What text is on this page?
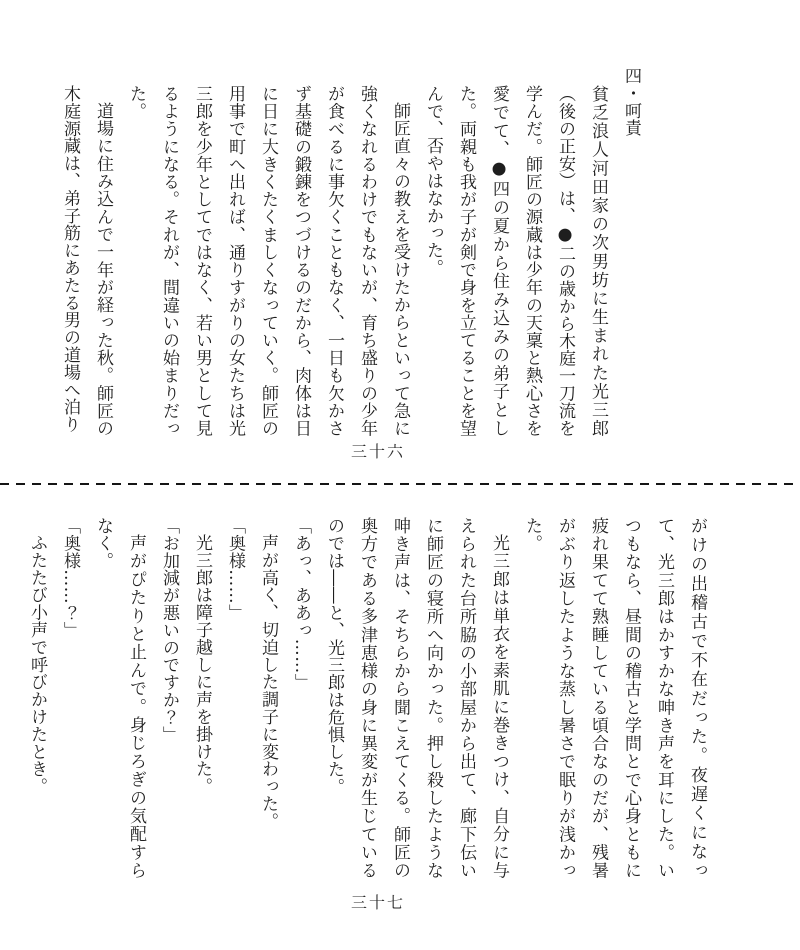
四・呵責

貧乏浪人河田家の次男坊に生まれた光三郎（後の正安）は、●二の歳から木庭一刀流を学んだ。師匠の源蔵は少年の天稟と熱心さを愛でて、●四の夏から住み込みの弟子とした。両親も我が子が剣で身を立てることを望んで、否やはなかった。

師匠直々の教えを受けたからといって急に強くなれるわけでもないが、育ち盛りの少年が食べるに事欠くこともなく、一日も欠かさず基礎の鍛錬をつづけるのだから、肉体は日に日に大きくたくましくなっていく。師匠の用事で町へ出れば、通りすがりの女たちは光三郎を少年としてではなく、若い男として見るようになる。それが、間違いの始まりだった。

道場に住み込んで一年が経った秋。師匠の木庭源蔵は、弟子筋にあたる男の道場へ泊り

三十六

がけの出稽古で不在だった。夜遅くになって、光三郎はかすかな呻き声を耳にした。いつもなら、昼間の稽古と学問とで心身ともに疲れ果てて熟睡している頃合なのだが、残暑がぶり返したような蒸し暑さで眠りが浅かった。

光三郎は単衣を素肌に巻きつけ、自分に与えられた台所脇の小部屋から出て、廊下伝いに師匠の寝所へ向かった。押し殺したような呻き声は、そちらから聞こえてくる。師匠の奥方である多津恵様の身に異変が生じているのでは――と、光三郎は危惧した。

「あっ、ああっ……」

声が高く、切迫した調子に変わった。

「奥様……」

光三郎は障子越しに声を掛けた。

「お加減が悪いのですか？」

声がぴたりと止んで。身じろぎの気配すらなく。

「奥様……？」

ふたたび小声で呼びかけたとき。

三十七
